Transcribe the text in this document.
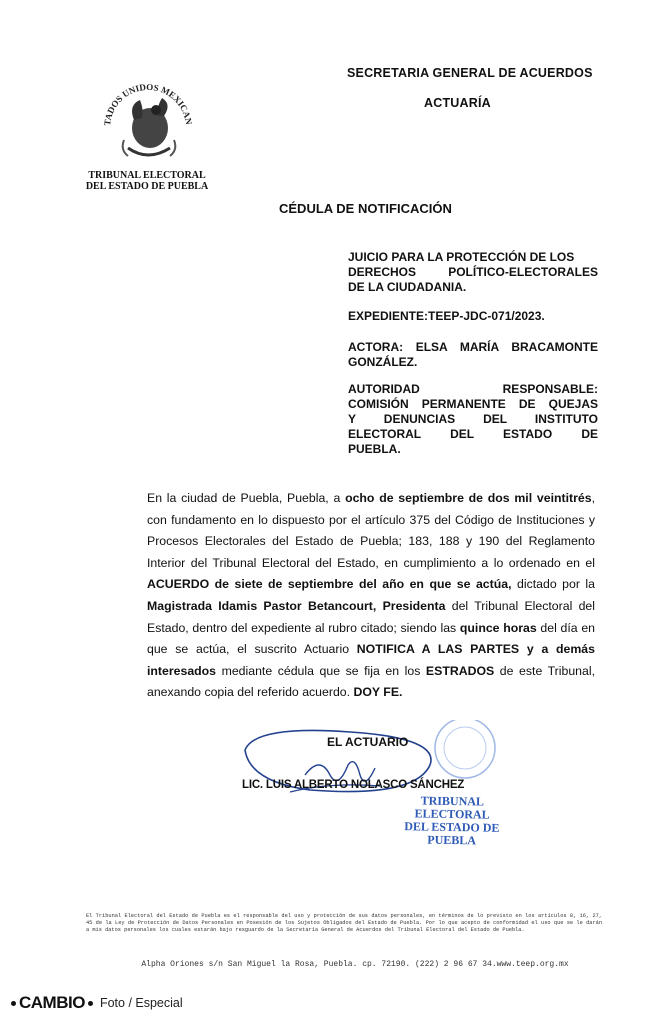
SECRETARIA GENERAL DE ACUERDOS
ACTUARÍA
TADOS UNIDOS MEXICAN
TRIBUNAL ELECTORAL
DEL ESTADO DE PUEBLA
CÉDULA DE NOTIFICACIÓN
JUICIO PARA LA PROTECCIÓN DE LOS
DERECHOS POLÍTICO-ELECTORALES
DE LA CIUDADANIA.
EXPEDIENTE:TEEP-JDC-071/2023.
ACTORA: ELSA MARÍA BRACAMONTE
GONZÁLEZ.
AUTORIDAD RESPONSABLE:
COMISIÓN PERMANENTE DE QUEJAS
Y DENUNCIAS DEL INSTITUTO
ELECTORAL DEL ESTADO DE
PUEBLA.
En la ciudad de Puebla, Puebla, a ocho de septiembre de dos mil veintitrés, con fundamento en lo dispuesto por el artículo 375 del Código de Instituciones y Procesos Electorales del Estado de Puebla; 183, 188 y 190 del Reglamento Interior del Tribunal Electoral del Estado, en cumplimiento a lo ordenado en el ACUERDO de siete de septiembre del año en que se actúa, dictado por la Magistrada Idamis Pastor Betancourt, Presidenta del Tribunal Electoral del Estado, dentro del expediente al rubro citado; siendo las quince horas del día en que se actúa, el suscrito Actuario NOTIFICA A LAS PARTES y a demás interesados mediante cédula que se fija en los ESTRADOS de este Tribunal, anexando copia del referido acuerdo. DOY FE.
EL ACTUARIO
LIC. LUIS ALBERTO NOLASCO SÁNCHEZ
TRIBUNAL ELECTORAL
DEL ESTADO DE PUEBLA
El Tribunal Electoral del Estado de Puebla es el responsable del uso y protección de sus datos personales, en términos de lo previsto en los artículos 8, 16, 27, 45 de la Ley de Protección de Datos Personales en Posesión de los Sujetos Obligados del Estado de Puebla. Por lo que acepto de conformidad el uso que se le darán a mis datos personales los cuales estarán bajo resguardo de la Secretaría General de Acuerdos del Tribunal Electoral del Estado de Puebla.
Alpha Oriones s/n San Miguel la Rosa, Puebla. cp. 72190. (222) 2 96 67 34.www.teep.org.mx
CAMBIO Foto / Especial
